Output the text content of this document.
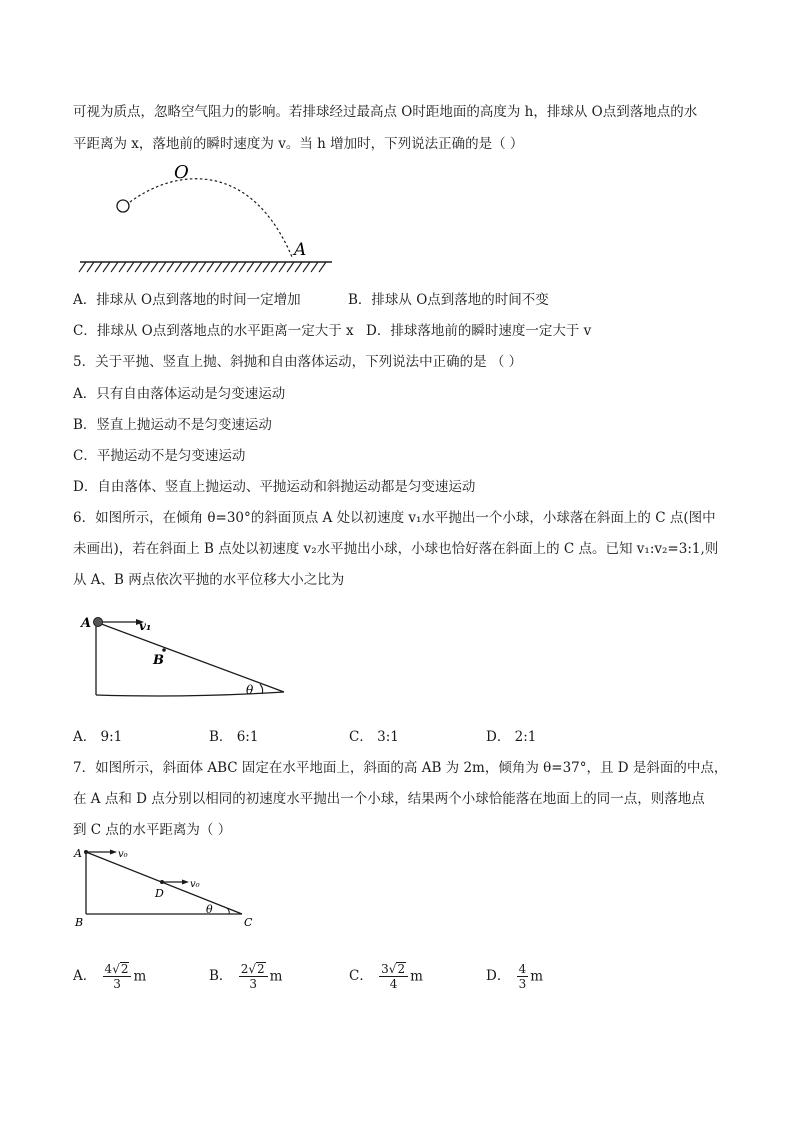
可视为质点，忽略空气阻力的影响。若排球经过最高点 O时距地面的高度为 h，排球从 O点到落地点的水
平距离为 x，落地前的瞬时速度为 v。当 h 增加时，下列说法正确的是（ ）
O
A
A．排球从 O点到落地的时间一定增加	B．排球从 O点到落地的时间不变
C．排球从 O点到落地点的水平距离一定大于 x D．排球落地前的瞬时速度一定大于 v
5．关于平抛、竖直上抛、斜抛和自由落体运动，下列说法中正确的是 （ ）
A．只有自由落体运动是匀变速运动
B．竖直上抛运动不是匀变速运动
C．平抛运动不是匀变速运动
D．自由落体、竖直上抛运动、平抛运动和斜抛运动都是匀变速运动
6．如图所示，在倾角 θ=30°的斜面顶点 A 处以初速度 v₁水平抛出一个小球，小球落在斜面上的 C 点(图中
未画出)，若在斜面上 B 点处以初速度 v₂水平抛出小球，小球也恰好落在斜面上的 C 点。已知 v₁:v₂=3:1,则
从 A、B 两点依次平抛的水平位移大小之比为
A	v₁
B
θ
A． 9:1	B． 6:1	C． 3:1	D． 2:1
7．如图所示，斜面体 ABC 固定在水平地面上，斜面的高 AB 为 2m，倾角为 θ=37°，且 D 是斜面的中点，
在 A 点和 D 点分别以相同的初速度水平抛出一个小球，结果两个小球恰能落在地面上的同一点，则落地点
到 C 点的水平距离为（ ）
A	v₀
D
v₀
B	C
θ
A． $\frac{4 √ 2}{3}$ m	B． $\frac{2 √ 2}{3}$ m	C． $\frac{3 √ 2}{4}$ m	D． $\frac{4}{3}$ m
